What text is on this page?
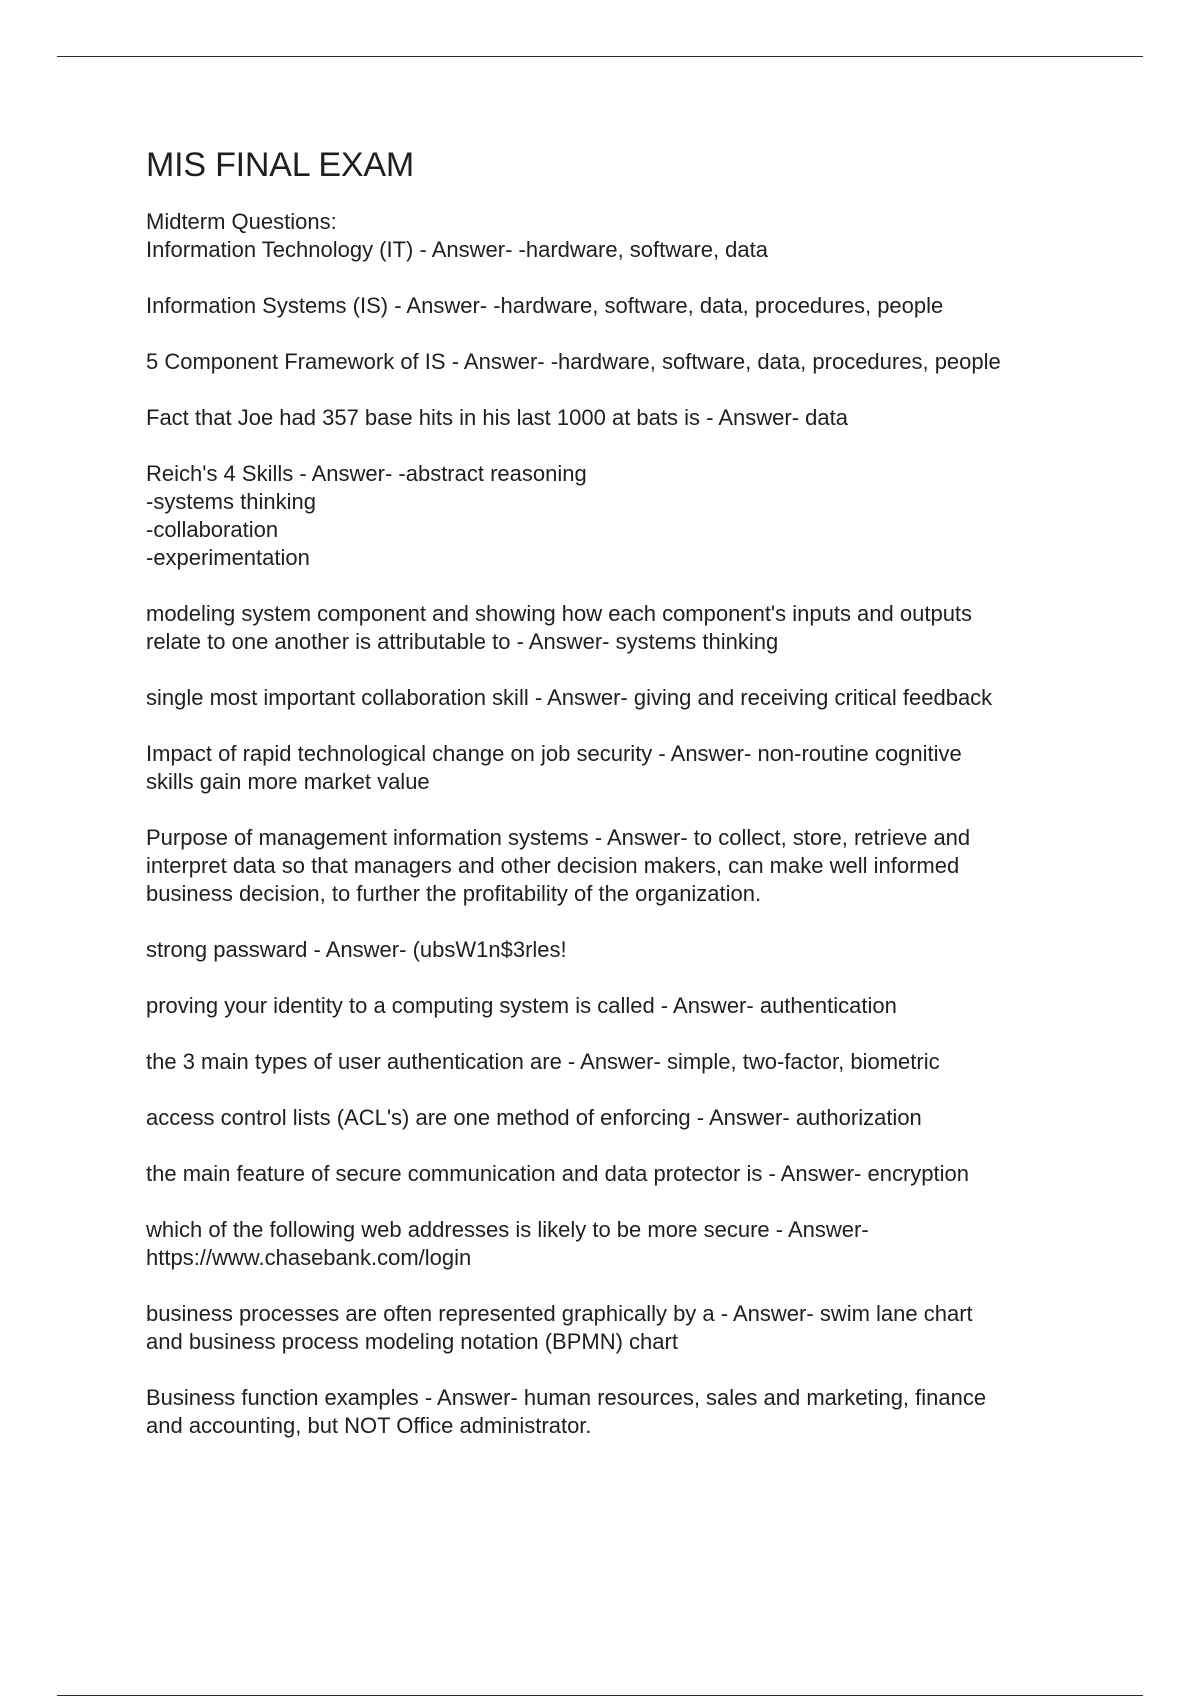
MIS FINAL EXAM
Midterm Questions:
Information Technology (IT) - Answer- -hardware, software, data
Information Systems (IS) - Answer- -hardware, software, data, procedures, people
5 Component Framework of IS - Answer- -hardware, software, data, procedures, people
Fact that Joe had 357 base hits in his last 1000 at bats is - Answer- data
Reich's 4 Skills - Answer- -abstract reasoning
-systems thinking
-collaboration
-experimentation
modeling system component and showing how each component's inputs and outputs
relate to one another is attributable to - Answer- systems thinking
single most important collaboration skill - Answer- giving and receiving critical feedback
Impact of rapid technological change on job security - Answer- non-routine cognitive
skills gain more market value
Purpose of management information systems - Answer- to collect, store, retrieve and
interpret data so that managers and other decision makers, can make well informed
business decision, to further the profitability of the organization.
strong passward - Answer- (ubsW1n$3rles!
proving your identity to a computing system is called - Answer- authentication
the 3 main types of user authentication are - Answer- simple, two-factor, biometric
access control lists (ACL's) are one method of enforcing - Answer- authorization
the main feature of secure communication and data protector is - Answer- encryption
which of the following web addresses is likely to be more secure - Answer-
https://www.chasebank.com/login
business processes are often represented graphically by a - Answer- swim lane chart
and business process modeling notation (BPMN) chart
Business function examples - Answer- human resources, sales and marketing, finance
and accounting, but NOT Office administrator.
